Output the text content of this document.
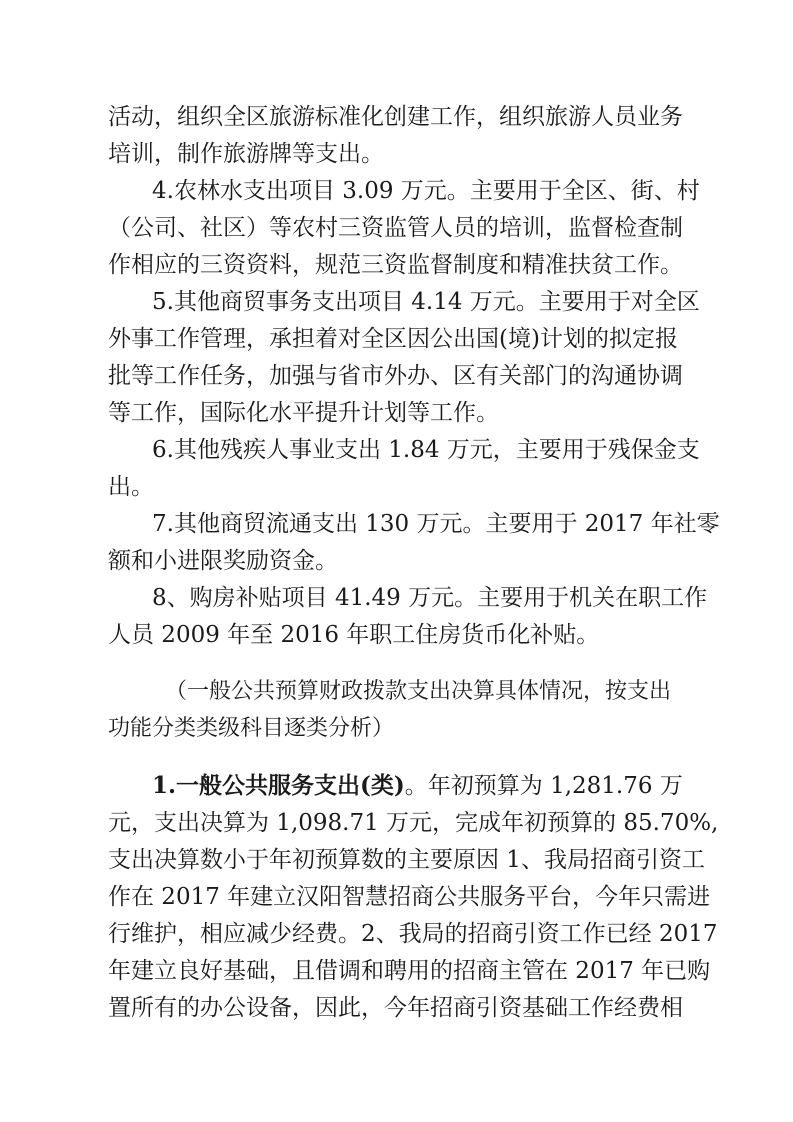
活动，组织全区旅游标准化创建工作，组织旅游人员业务
培训，制作旅游牌等支出。
4.农林水支出项目 3.09 万元。主要用于全区、街、村
（公司、社区）等农村三资监管人员的培训，监督检查制
作相应的三资资料，规范三资监督制度和精准扶贫工作。
5.其他商贸事务支出项目 4.14 万元。主要用于对全区
外事工作管理，承担着对全区因公出国(境)计划的拟定报
批等工作任务，加强与省市外办、区有关部门的沟通协调
等工作，国际化水平提升计划等工作。
6.其他残疾人事业支出 1.84 万元，主要用于残保金支
出。
7.其他商贸流通支出 130 万元。主要用于 2017 年社零
额和小进限奖励资金。
8、购房补贴项目 41.49 万元。主要用于机关在职工作
人员 2009 年至 2016 年职工住房货币化补贴。
（一般公共预算财政拨款支出决算具体情况，按支出
功能分类类级科目逐类分析）
1.一般公共服务支出(类)。年初预算为 1,281.76 万
元，支出决算为 1,098.71 万元，完成年初预算的 85.70%,
支出决算数小于年初预算数的主要原因 1、我局招商引资工
作在 2017 年建立汉阳智慧招商公共服务平台，今年只需进
行维护，相应减少经费。2、我局的招商引资工作已经 2017
年建立良好基础，且借调和聘用的招商主管在 2017 年已购
置所有的办公设备，因此，今年招商引资基础工作经费相
